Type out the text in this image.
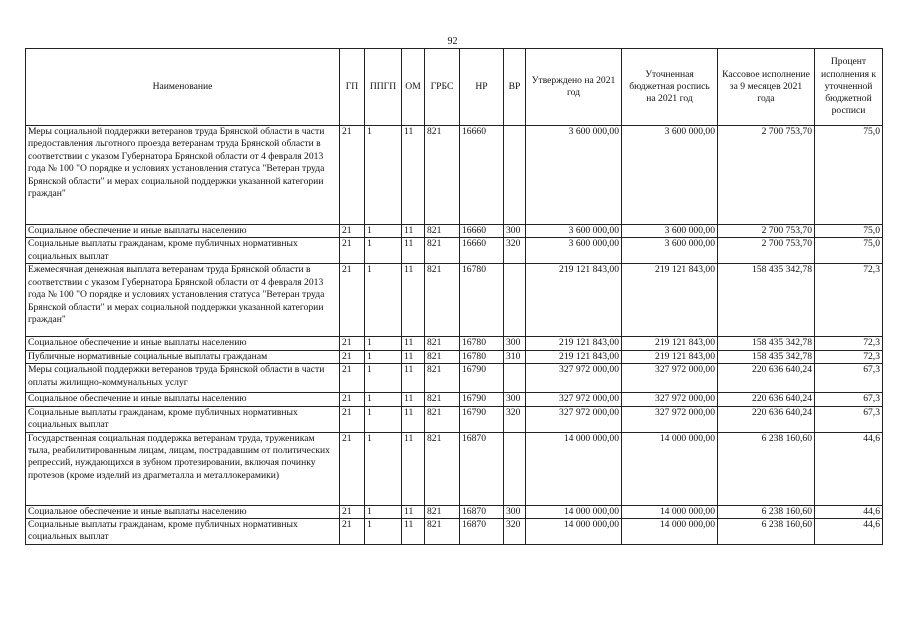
92
Наименование	ГП	ППГП	ОМ	ГРБС	НР	ВР	Утверждено на 2021 год	Уточненная бюджетная роспись на 2021 год	Кассовое исполнение за 9 месяцев 2021 года	Процент исполнения к уточненной бюджетной росписи
Меры социальной поддержки ветеранов труда Брянской области в части предоставления льготного проезда ветеранам труда Брянской области в соответствии с указом Губернатора Брянской области от 4 февраля 2013 года № 100 "О порядке и условиях установления статуса "Ветеран труда Брянской области" и мерах социальной поддержки указанной категории граждан"	21	1	11	821	16660		3 600 000,00	3 600 000,00	2 700 753,70	75,0
Социальное обеспечение и иные выплаты населению	21	1	11	821	16660	300	3 600 000,00	3 600 000,00	2 700 753,70	75,0
Социальные выплаты гражданам, кроме публичных нормативных социальных выплат	21	1	11	821	16660	320	3 600 000,00	3 600 000,00	2 700 753,70	75,0
Ежемесячная денежная выплата ветеранам труда Брянской области в соответствии с указом Губернатора Брянской области от 4 февраля 2013 года № 100 "О порядке и условиях установления статуса "Ветеран труда Брянской области" и мерах социальной поддержки указанной категории граждан"	21	1	11	821	16780		219 121 843,00	219 121 843,00	158 435 342,78	72,3
Социальное обеспечение и иные выплаты населению	21	1	11	821	16780	300	219 121 843,00	219 121 843,00	158 435 342,78	72,3
Публичные нормативные социальные выплаты гражданам	21	1	11	821	16780	310	219 121 843,00	219 121 843,00	158 435 342,78	72,3
Меры социальной поддержки ветеранов труда Брянской области в части оплаты жилищно-коммунальных услуг	21	1	11	821	16790		327 972 000,00	327 972 000,00	220 636 640,24	67,3
Социальное обеспечение и иные выплаты населению	21	1	11	821	16790	300	327 972 000,00	327 972 000,00	220 636 640,24	67,3
Социальные выплаты гражданам, кроме публичных нормативных социальных выплат	21	1	11	821	16790	320	327 972 000,00	327 972 000,00	220 636 640,24	67,3
Государственная социальная поддержка ветеранам труда, труженикам тыла, реабилитированным лицам, лицам, пострадавшим от политических репрессий, нуждающихся в зубном протезировании, включая починку протезов (кроме изделий из драгметалла и металлокерамики)	21	1	11	821	16870		14 000 000,00	14 000 000,00	6 238 160,60	44,6
Социальное обеспечение и иные выплаты населению	21	1	11	821	16870	300	14 000 000,00	14 000 000,00	6 238 160,60	44,6
Социальные выплаты гражданам, кроме публичных нормативных социальных выплат	21	1	11	821	16870	320	14 000 000,00	14 000 000,00	6 238 160,60	44,6
